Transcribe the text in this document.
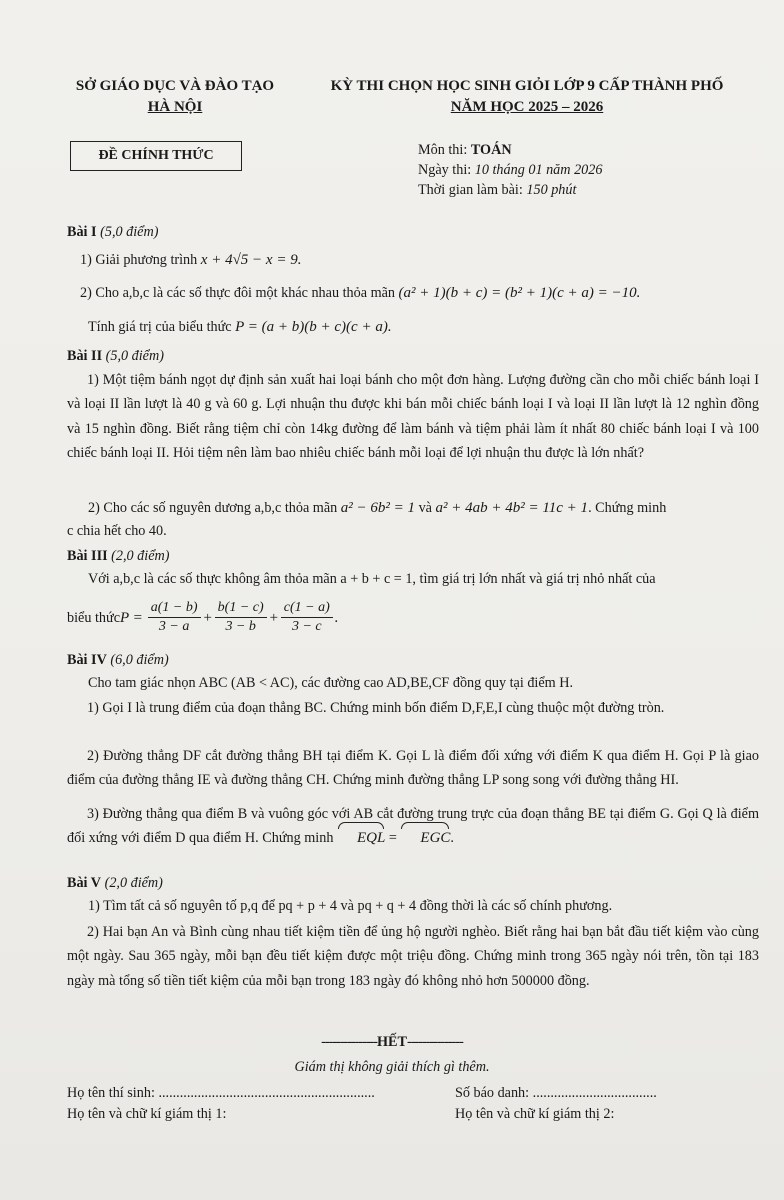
SỞ GIÁO DỤC VÀ ĐÀO TẠO
HÀ NỘI
KỲ THI CHỌN HỌC SINH GIỎI LỚP 9 CẤP THÀNH PHỐ
NĂM HỌC 2025 – 2026
ĐỀ CHÍNH THỨC	Môn thi: TOÁN
Ngày thi: 10 tháng 01 năm 2026
Thời gian làm bài: 150 phút
Bài I (5,0 điểm)
1) Giải phương trình x + 4√5 − x = 9.
2) Cho a,b,c là các số thực đôi một khác nhau thỏa mãn (a² + 1)(b + c) = (b² + 1)(c + a) = −10.
Tính giá trị của biểu thức P = (a + b)(b + c)(c + a).
Bài II (5,0 điểm)
1) Một tiệm bánh ngọt dự định sản xuất hai loại bánh cho một đơn hàng. Lượng đường cần cho mỗi chiếc bánh loại I và loại II lần lượt là 40 g và 60 g. Lợi nhuận thu được khi bán mỗi chiếc bánh loại I và loại II lần lượt là 12 nghìn đồng và 15 nghìn đồng. Biết rằng tiệm chỉ còn 14kg đường để làm bánh và tiệm phải làm ít nhất 80 chiếc bánh loại I và 100 chiếc bánh loại II. Hỏi tiệm nên làm bao nhiêu chiếc bánh mỗi loại để lợi nhuận thu được là lớn nhất?
2) Cho các số nguyên dương a,b,c thỏa mãn a² − 6b² = 1 và a² + 4ab + 4b² = 11c + 1. Chứng minh
c chia hết cho 40.
Bài III (2,0 điểm)
Với a,b,c là các số thực không âm thỏa mãn a + b + c = 1, tìm giá trị lớn nhất và giá trị nhỏ nhất của
biểu thức $P = \frac{a(1 - b)}{3 - a} + \frac{b(1 - c)}{3 - b} + \frac{c(1 - a)}{3 - c}$ .
Bài IV (6,0 điểm)
Cho tam giác nhọn ABC (AB < AC), các đường cao AD,BE,CF đồng quy tại điểm H.
1) Gọi I là trung điểm của đoạn thẳng BC. Chứng minh bốn điểm D,F,E,I cùng thuộc một đường tròn.
2) Đường thẳng DF cắt đường thẳng BH tại điểm K. Gọi L là điểm đối xứng với điểm K qua điểm H. Gọi P là giao điểm của đường thẳng IE và đường thẳng CH. Chứng minh đường thẳng LP song song với đường thẳng HI.
3) Đường thẳng qua điểm B và vuông góc với AB cắt đường trung trực của đoạn thẳng BE tại điểm G. Gọi Q là điểm đối xứng với điểm D qua điểm H. Chứng minh EQL = EGC.
Bài V (2,0 điểm)
1) Tìm tất cả số nguyên tố p,q để pq + p + 4 và pq + q + 4 đồng thời là các số chính phương.
2) Hai bạn An và Bình cùng nhau tiết kiệm tiền để ủng hộ người nghèo. Biết rằng hai bạn bắt đầu tiết kiệm vào cùng một ngày. Sau 365 ngày, mỗi bạn đều tiết kiệm được một triệu đồng. Chứng minh trong 365 ngày nói trên, tồn tại 183 ngày mà tổng số tiền tiết kiệm của mỗi bạn trong 183 ngày đó không nhỏ hơn 500000 đồng.
---------------HẾT---------------
Giám thị không giải thích gì thêm.
Họ tên thí sinh: .............................................................	Số báo danh: ...................................
Họ tên và chữ kí giám thị 1:	Họ tên và chữ kí giám thị 2:
